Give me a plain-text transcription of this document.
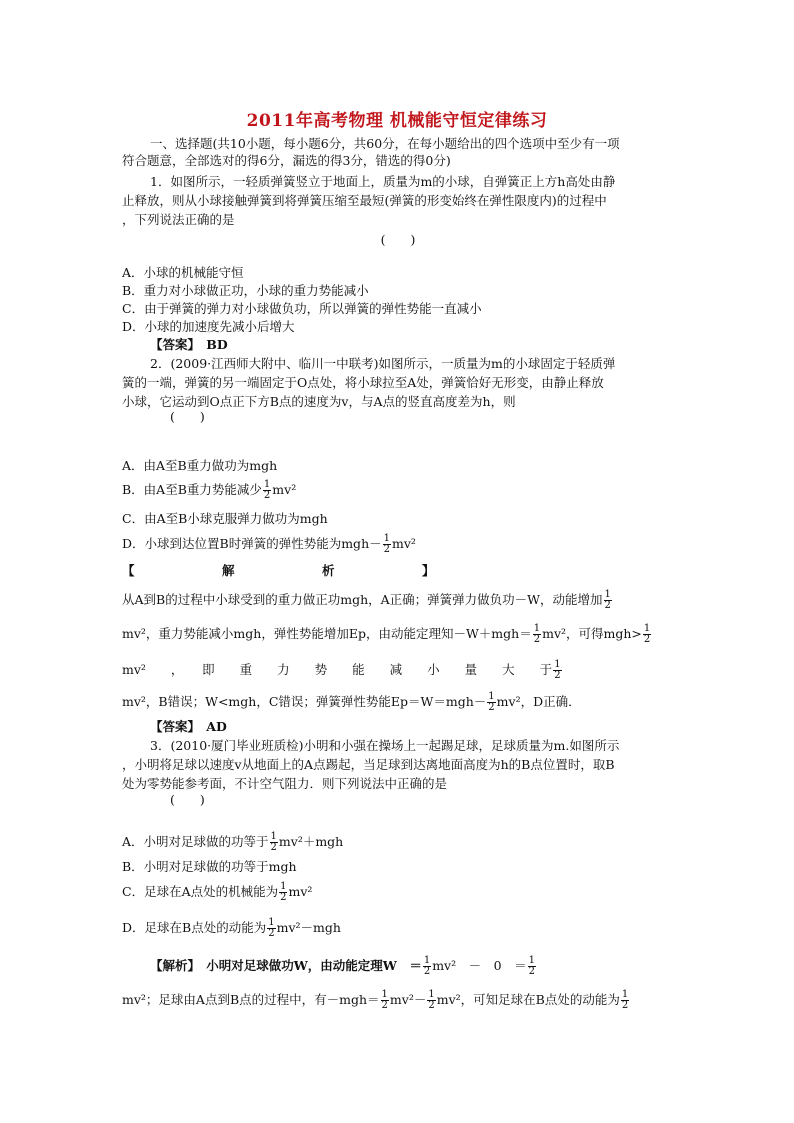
2011年高考物理 机械能守恒定律练习
一、选择题(共10小题，每小题6分，共60分，在每小题给出的四个选项中至少有一项
符合题意，全部选对的得6分，漏选的得3分，错选的得0分)
1．如图所示，一轻质弹簧竖立于地面上，质量为m的小球，自弹簧正上方h高处由静
止释放，则从小球接触弹簧到将弹簧压缩至最短(弹簧的形变始终在弹性限度内)的过程中
，下列说法正确的是
(　　)
A．小球的机械能守恒
B．重力对小球做正功，小球的重力势能减小
C．由于弹簧的弹力对小球做负功，所以弹簧的弹性势能一直减小
D．小球的加速度先减小后增大
【答案】　BD
2．(2009·江西师大附中、临川一中联考)如图所示，一质量为m的小球固定于轻质弹
簧的一端，弹簧的另一端固定于O点处，将小球拉至A处，弹簧恰好无形变，由静止释放
小球，它运动到O点正下方B点的速度为v，与A点的竖直高度差为h，则
(　　)
A．由A至B重力做功为mgh
B．由A至B重力势能减少 $\frac{1}{2} mv^2$
C．由A至B小球克服弹力做功为mgh
D．小球到达位置B时弹簧的弹性势能为$mgh- \frac{1}{2} mv^2$
【　　　　　　　解　　　　　　　析　　　　　　　】
从A到B的过程中小球受到的重力做正功mgh，A正确；弹簧弹力做负功－W，动能增加 $\frac{1}{2}$
mv²，重力势能减小mgh，弹性势能增加Ep，由动能定理知$-W+mgh= \frac{1}{2} mv^2$，可得$mgh> \frac{1}{2}$
mv²　　，　　即　　重　　力　　势　　能　　减　　小　　量　　大　　于 $\frac{1}{2}$
mv²，B错误；W<mgh，C错误；弹簧弹性势能$Ep=W=mgh- \frac{1}{2} mv^2$，D正确．
【答案】　AD
3．(2010·厦门毕业班质检)小明和小强在操场上一起踢足球，足球质量为m.如图所示
，小明将足球以速度v从地面上的A点踢起，当足球到达离地面高度为h的B点位置时，取B
处为零势能参考面，不计空气阻力．则下列说法中正确的是
(　　)
A．小明对足球做的功等于 $\frac{1}{2} mv^2+mgh$
B．小明对足球做的功等于mgh
C．足球在A点处的机械能为 $\frac{1}{2} mv^2$
D．足球在B点处的动能为 $\frac{1}{2} mv^2-mgh$
【解析】　小明对足球做功W，由动能定理W　＝ $\frac{1}{2} mv^2$　－　0　＝ $\frac{1}{2}$
mv²；足球由A点到B点的过程中，有$-mgh= \frac{1}{2} mv^2- \frac{1}{2} mv^2$，可知足球在B点处的动能为 $\frac{1}{2}$
